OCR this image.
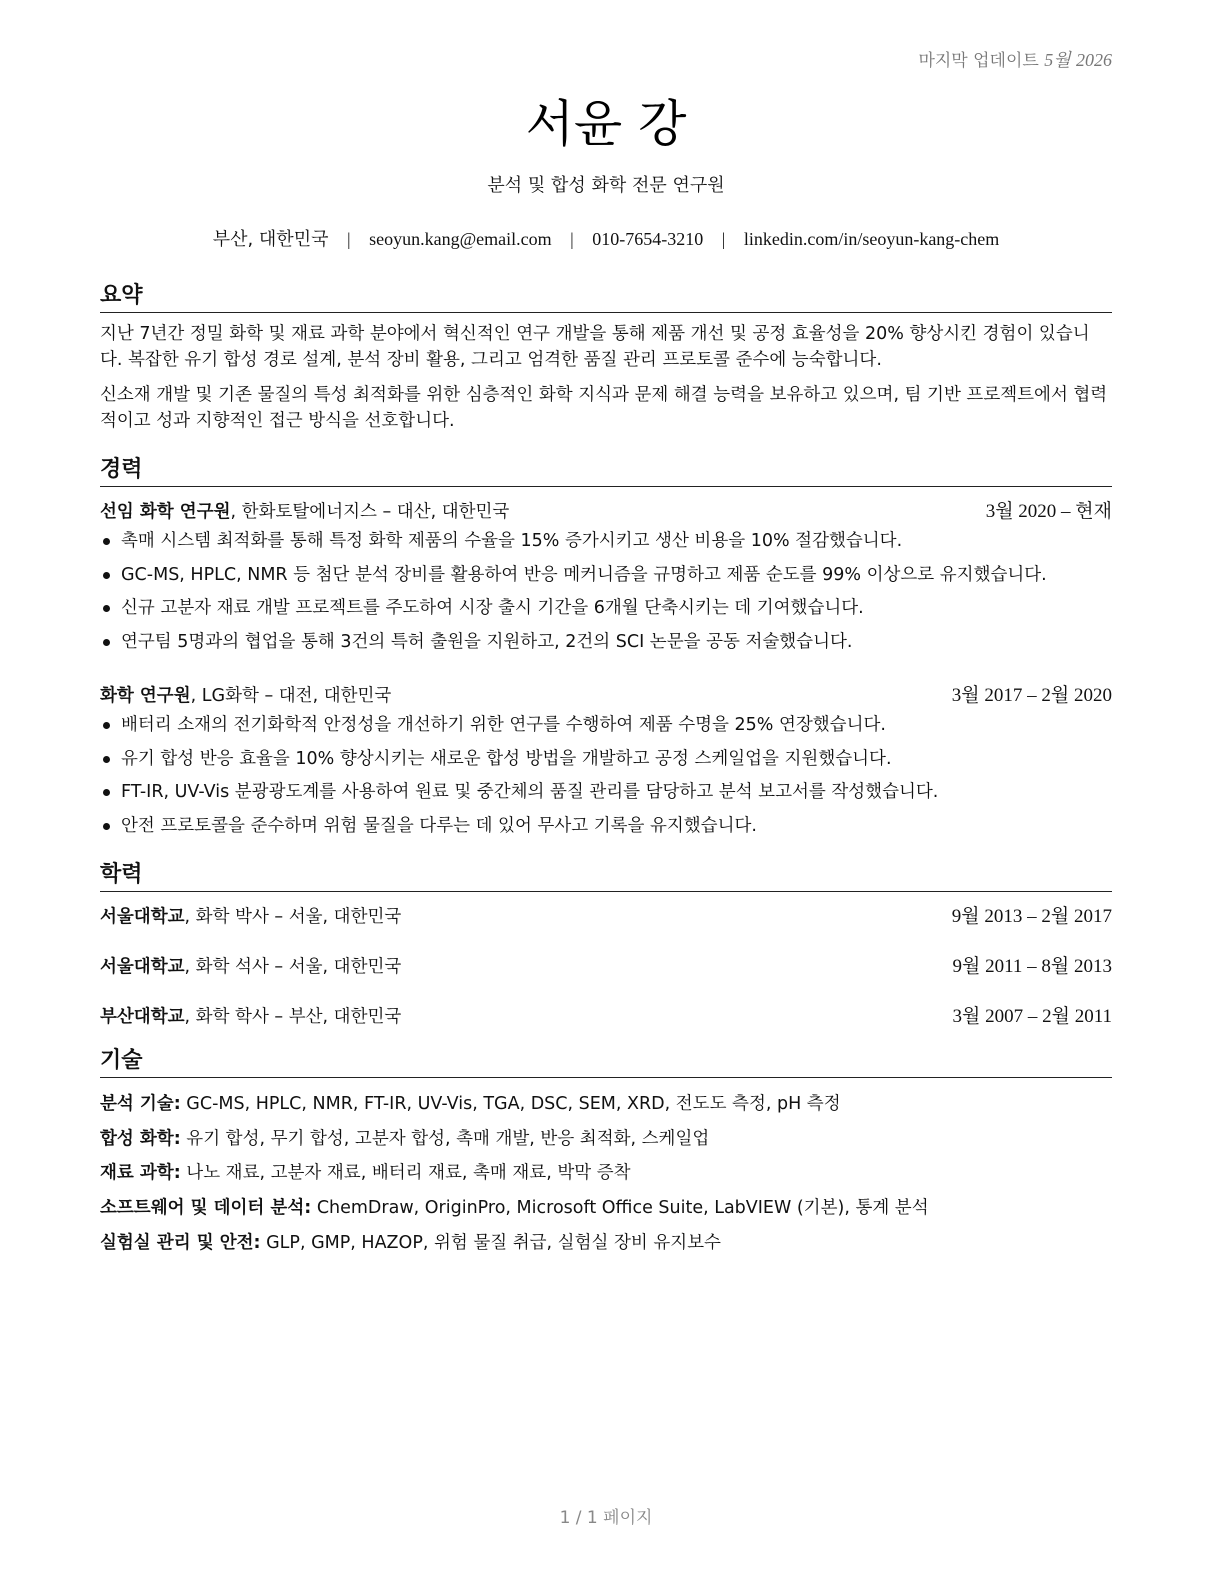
마지막 업데이트 5월 2026
서윤 강
분석 및 합성 화학 전문 연구원
부산, 대한민국 | seoyun.kang@email.com | 010-7654-3210 | linkedin.com/in/seoyun-kang-chem
요약
지난 7년간 정밀 화학 및 재료 과학 분야에서 혁신적인 연구 개발을 통해 제품 개선 및 공정 효율성을 20% 향상시킨 경험이 있습니다. 복잡한 유기 합성 경로 설계, 분석 장비 활용, 그리고 엄격한 품질 관리 프로토콜 준수에 능숙합니다.
신소재 개발 및 기존 물질의 특성 최적화를 위한 심층적인 화학 지식과 문제 해결 능력을 보유하고 있으며, 팀 기반 프로젝트에서 협력적이고 성과 지향적인 접근 방식을 선호합니다.
경력
선임 화학 연구원, 한화토탈에너지스 – 대산, 대한민국	3월 2020 – 현재
촉매 시스템 최적화를 통해 특정 화학 제품의 수율을 15% 증가시키고 생산 비용을 10% 절감했습니다.
GC-MS, HPLC, NMR 등 첨단 분석 장비를 활용하여 반응 메커니즘을 규명하고 제품 순도를 99% 이상으로 유지했습니다.
신규 고분자 재료 개발 프로젝트를 주도하여 시장 출시 기간을 6개월 단축시키는 데 기여했습니다.
연구팀 5명과의 협업을 통해 3건의 특허 출원을 지원하고, 2건의 SCI 논문을 공동 저술했습니다.
화학 연구원, LG화학 – 대전, 대한민국	3월 2017 – 2월 2020
배터리 소재의 전기화학적 안정성을 개선하기 위한 연구를 수행하여 제품 수명을 25% 연장했습니다.
유기 합성 반응 효율을 10% 향상시키는 새로운 합성 방법을 개발하고 공정 스케일업을 지원했습니다.
FT-IR, UV-Vis 분광광도계를 사용하여 원료 및 중간체의 품질 관리를 담당하고 분석 보고서를 작성했습니다.
안전 프로토콜을 준수하며 위험 물질을 다루는 데 있어 무사고 기록을 유지했습니다.
학력
서울대학교, 화학 박사 – 서울, 대한민국	9월 2013 – 2월 2017
서울대학교, 화학 석사 – 서울, 대한민국	9월 2011 – 8월 2013
부산대학교, 화학 학사 – 부산, 대한민국	3월 2007 – 2월 2011
기술
분석 기술: GC-MS, HPLC, NMR, FT-IR, UV-Vis, TGA, DSC, SEM, XRD, 전도도 측정, pH 측정
합성 화학: 유기 합성, 무기 합성, 고분자 합성, 촉매 개발, 반응 최적화, 스케일업
재료 과학: 나노 재료, 고분자 재료, 배터리 재료, 촉매 재료, 박막 증착
소프트웨어 및 데이터 분석: ChemDraw, OriginPro, Microsoft Office Suite, LabVIEW (기본), 통계 분석
실험실 관리 및 안전: GLP, GMP, HAZOP, 위험 물질 취급, 실험실 장비 유지보수
1 / 1 페이지
